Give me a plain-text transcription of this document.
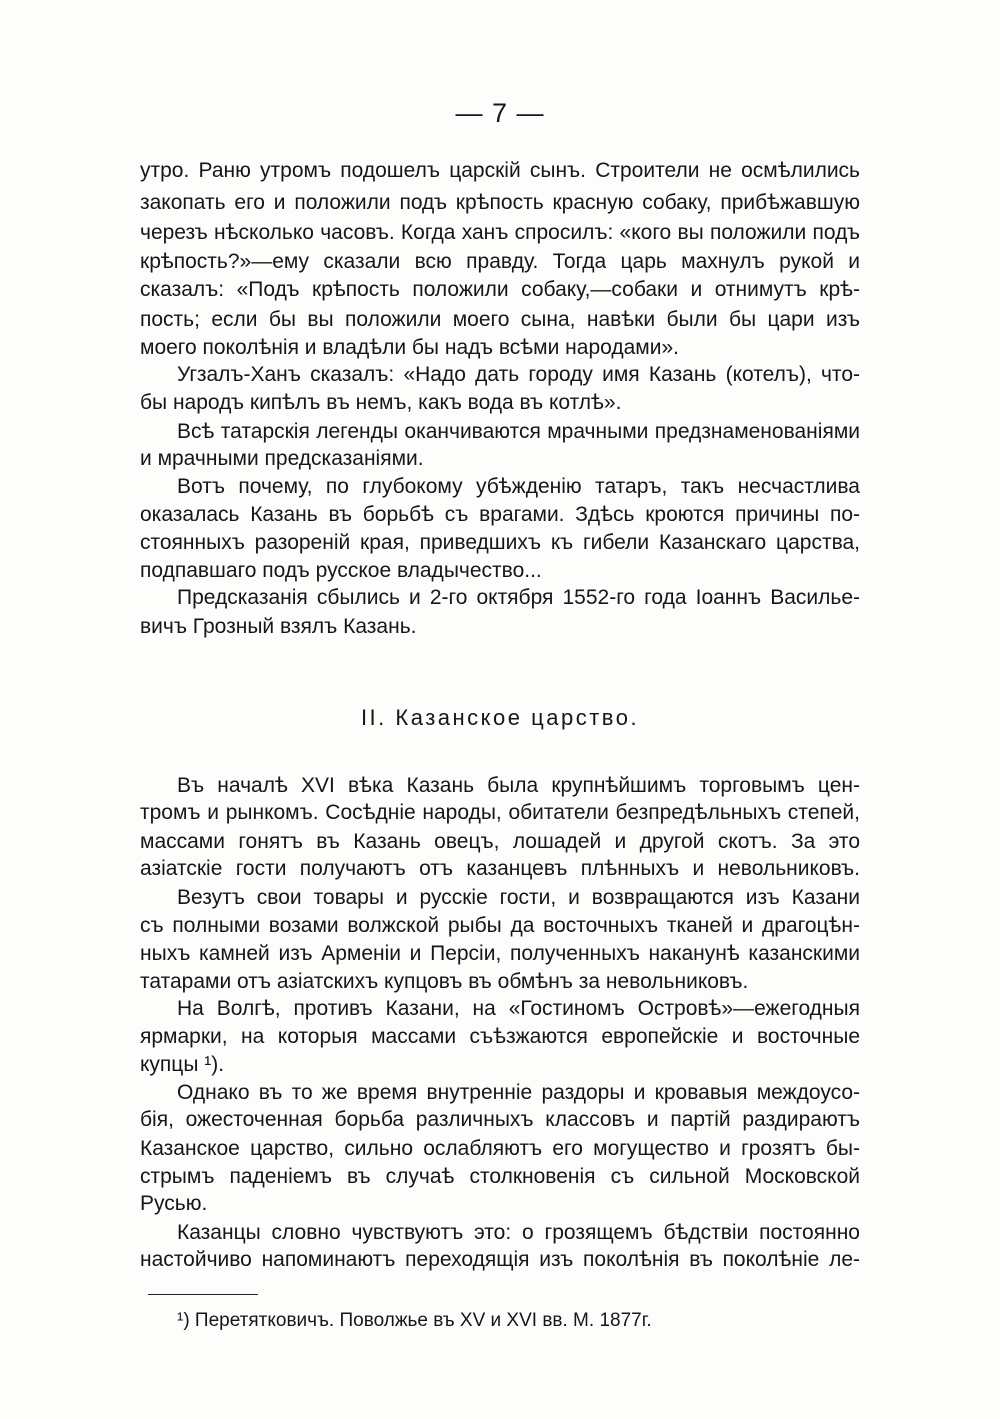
— 7 —
утро. Раню утромъ подошелъ царскій сынъ. Строители не осмѣлились
закопать его и положили подъ крѣпость красную собаку, прибѣжавшую
черезъ нѣсколько часовъ. Когда ханъ спросилъ: «кого вы положили подъ
крѣпость?»—ему сказали всю правду. Тогда царь махнулъ рукой и
сказалъ: «Подъ крѣпость положили собаку,—собаки и отнимутъ крѣ-
пость; если бы вы положили моего сына, навѣки были бы цари изъ
моего поколѣнія и владѣли бы надъ всѣми народами».
Угзалъ-Ханъ сказалъ: «Надо дать городу имя Казань (котелъ), что-
бы народъ кипѣлъ въ немъ, какъ вода въ котлѣ».
Всѣ татарскія легенды оканчиваются мрачными предзнаменованіями
и мрачными предсказаніями.
Вотъ почему, по глубокому убѣжденію татаръ, такъ несчастлива
оказалась Казань въ борьбѣ съ врагами. Здѣсь кроются причины по-
стоянныхъ разореній края, приведшихъ къ гибели Казанскаго царства,
подпавшаго подъ русское владычество...
Предсказанія сбылись и 2-го октября 1552-го года Іоаннъ Василье-
вичъ Грозный взялъ Казань.
II. Казанское царство.
Въ началѣ XVI вѣка Казань была крупнѣйшимъ торговымъ цен-
тромъ и рынкомъ. Сосѣдніе народы, обитатели безпредѣльныхъ степей,
массами гонятъ въ Казань овецъ, лошадей и другой скотъ. За это
азіатскіе гости получаютъ отъ казанцевъ плѣнныхъ и невольниковъ.
Везутъ свои товары и русскіе гости, и возвращаются изъ Казани
съ полными возами волжской рыбы да восточныхъ тканей и драгоцѣн-
ныхъ камней изъ Арменіи и Персіи, полученныхъ наканунѣ казанскими
татарами отъ азіатскихъ купцовъ въ обмѣнъ за невольниковъ.
На Волгѣ, противъ Казани, на «Гостиномъ Островѣ»—ежегодныя
ярмарки, на которыя массами съѣзжаются европейскіе и восточные
купцы ¹).
Однако въ то же время внутренніе раздоры и кровавыя междоусо-
бія, ожесточенная борьба различныхъ классовъ и партій раздираютъ
Казанское царство, сильно ослабляютъ его могущество и грозятъ бы-
стрымъ паденіемъ въ случаѣ столкновенія съ сильной Московской
Русью.
Казанцы словно чувствуютъ это: о грозящемъ бѣдствіи постоянно
настойчиво напоминаютъ переходящія изъ поколѣнія въ поколѣніе ле-
¹) Перетятковичъ. Поволжье въ XV и XVI вв. М. 1877г.
